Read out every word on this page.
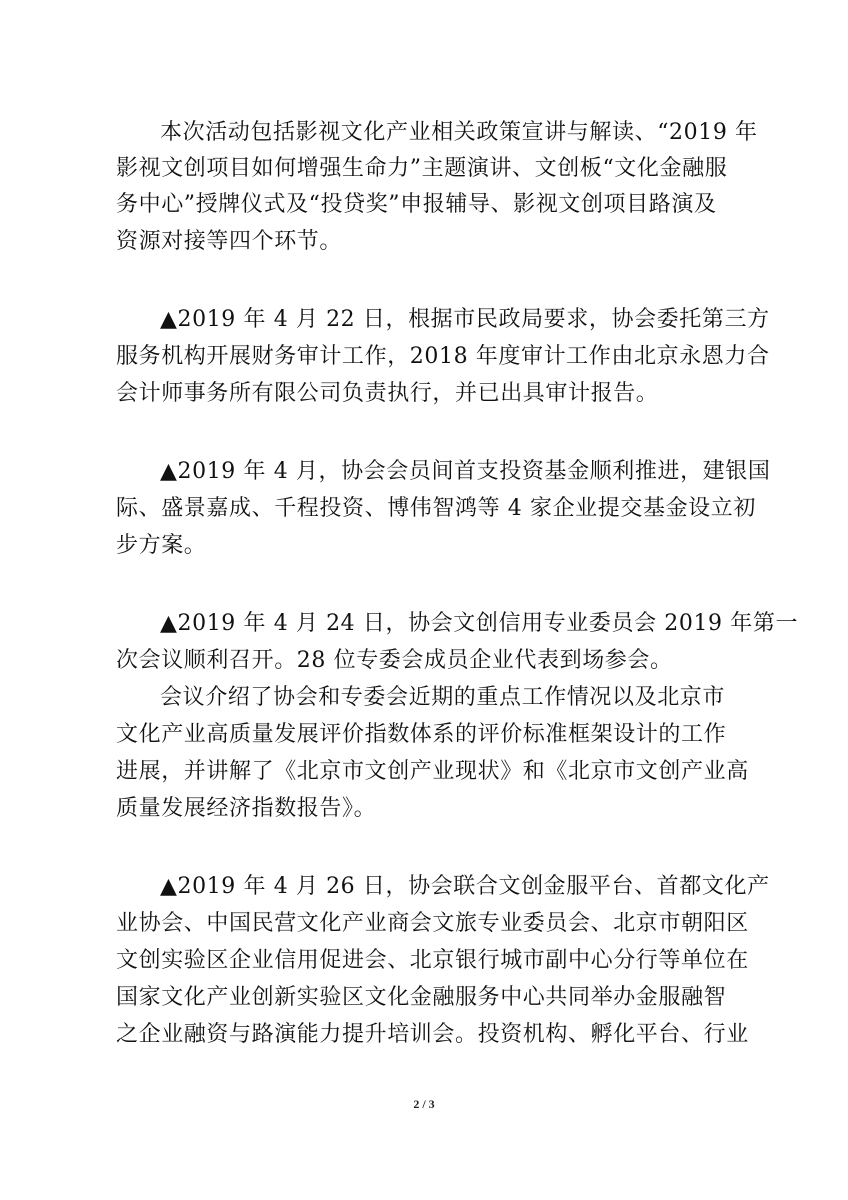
本次活动包括影视文化产业相关政策宣讲与解读、“2019 年
影视文创项目如何增强生命力”主题演讲、文创板“文化金融服
务中心”授牌仪式及“投贷奖”申报辅导、影视文创项目路演及
资源对接等四个环节。
▲2019 年 4 月 22 日，根据市民政局要求，协会委托第三方
服务机构开展财务审计工作，2018 年度审计工作由北京永恩力合
会计师事务所有限公司负责执行，并已出具审计报告。
▲2019 年 4 月，协会会员间首支投资基金顺利推进，建银国
际、盛景嘉成、千程投资、博伟智鸿等 4 家企业提交基金设立初
步方案。
▲2019 年 4 月 24 日，协会文创信用专业委员会 2019 年第一
次会议顺利召开。28 位专委会成员企业代表到场参会。
会议介绍了协会和专委会近期的重点工作情况以及北京市
文化产业高质量发展评价指数体系的评价标准框架设计的工作
进展，并讲解了《北京市文创产业现状》和《北京市文创产业高
质量发展经济指数报告》。
▲2019 年 4 月 26 日，协会联合文创金服平台、首都文化产
业协会、中国民营文化产业商会文旅专业委员会、北京市朝阳区
文创实验区企业信用促进会、北京银行城市副中心分行等单位在
国家文化产业创新实验区文化金融服务中心共同举办金服融智
之企业融资与路演能力提升培训会。投资机构、孵化平台、行业
2 / 3
